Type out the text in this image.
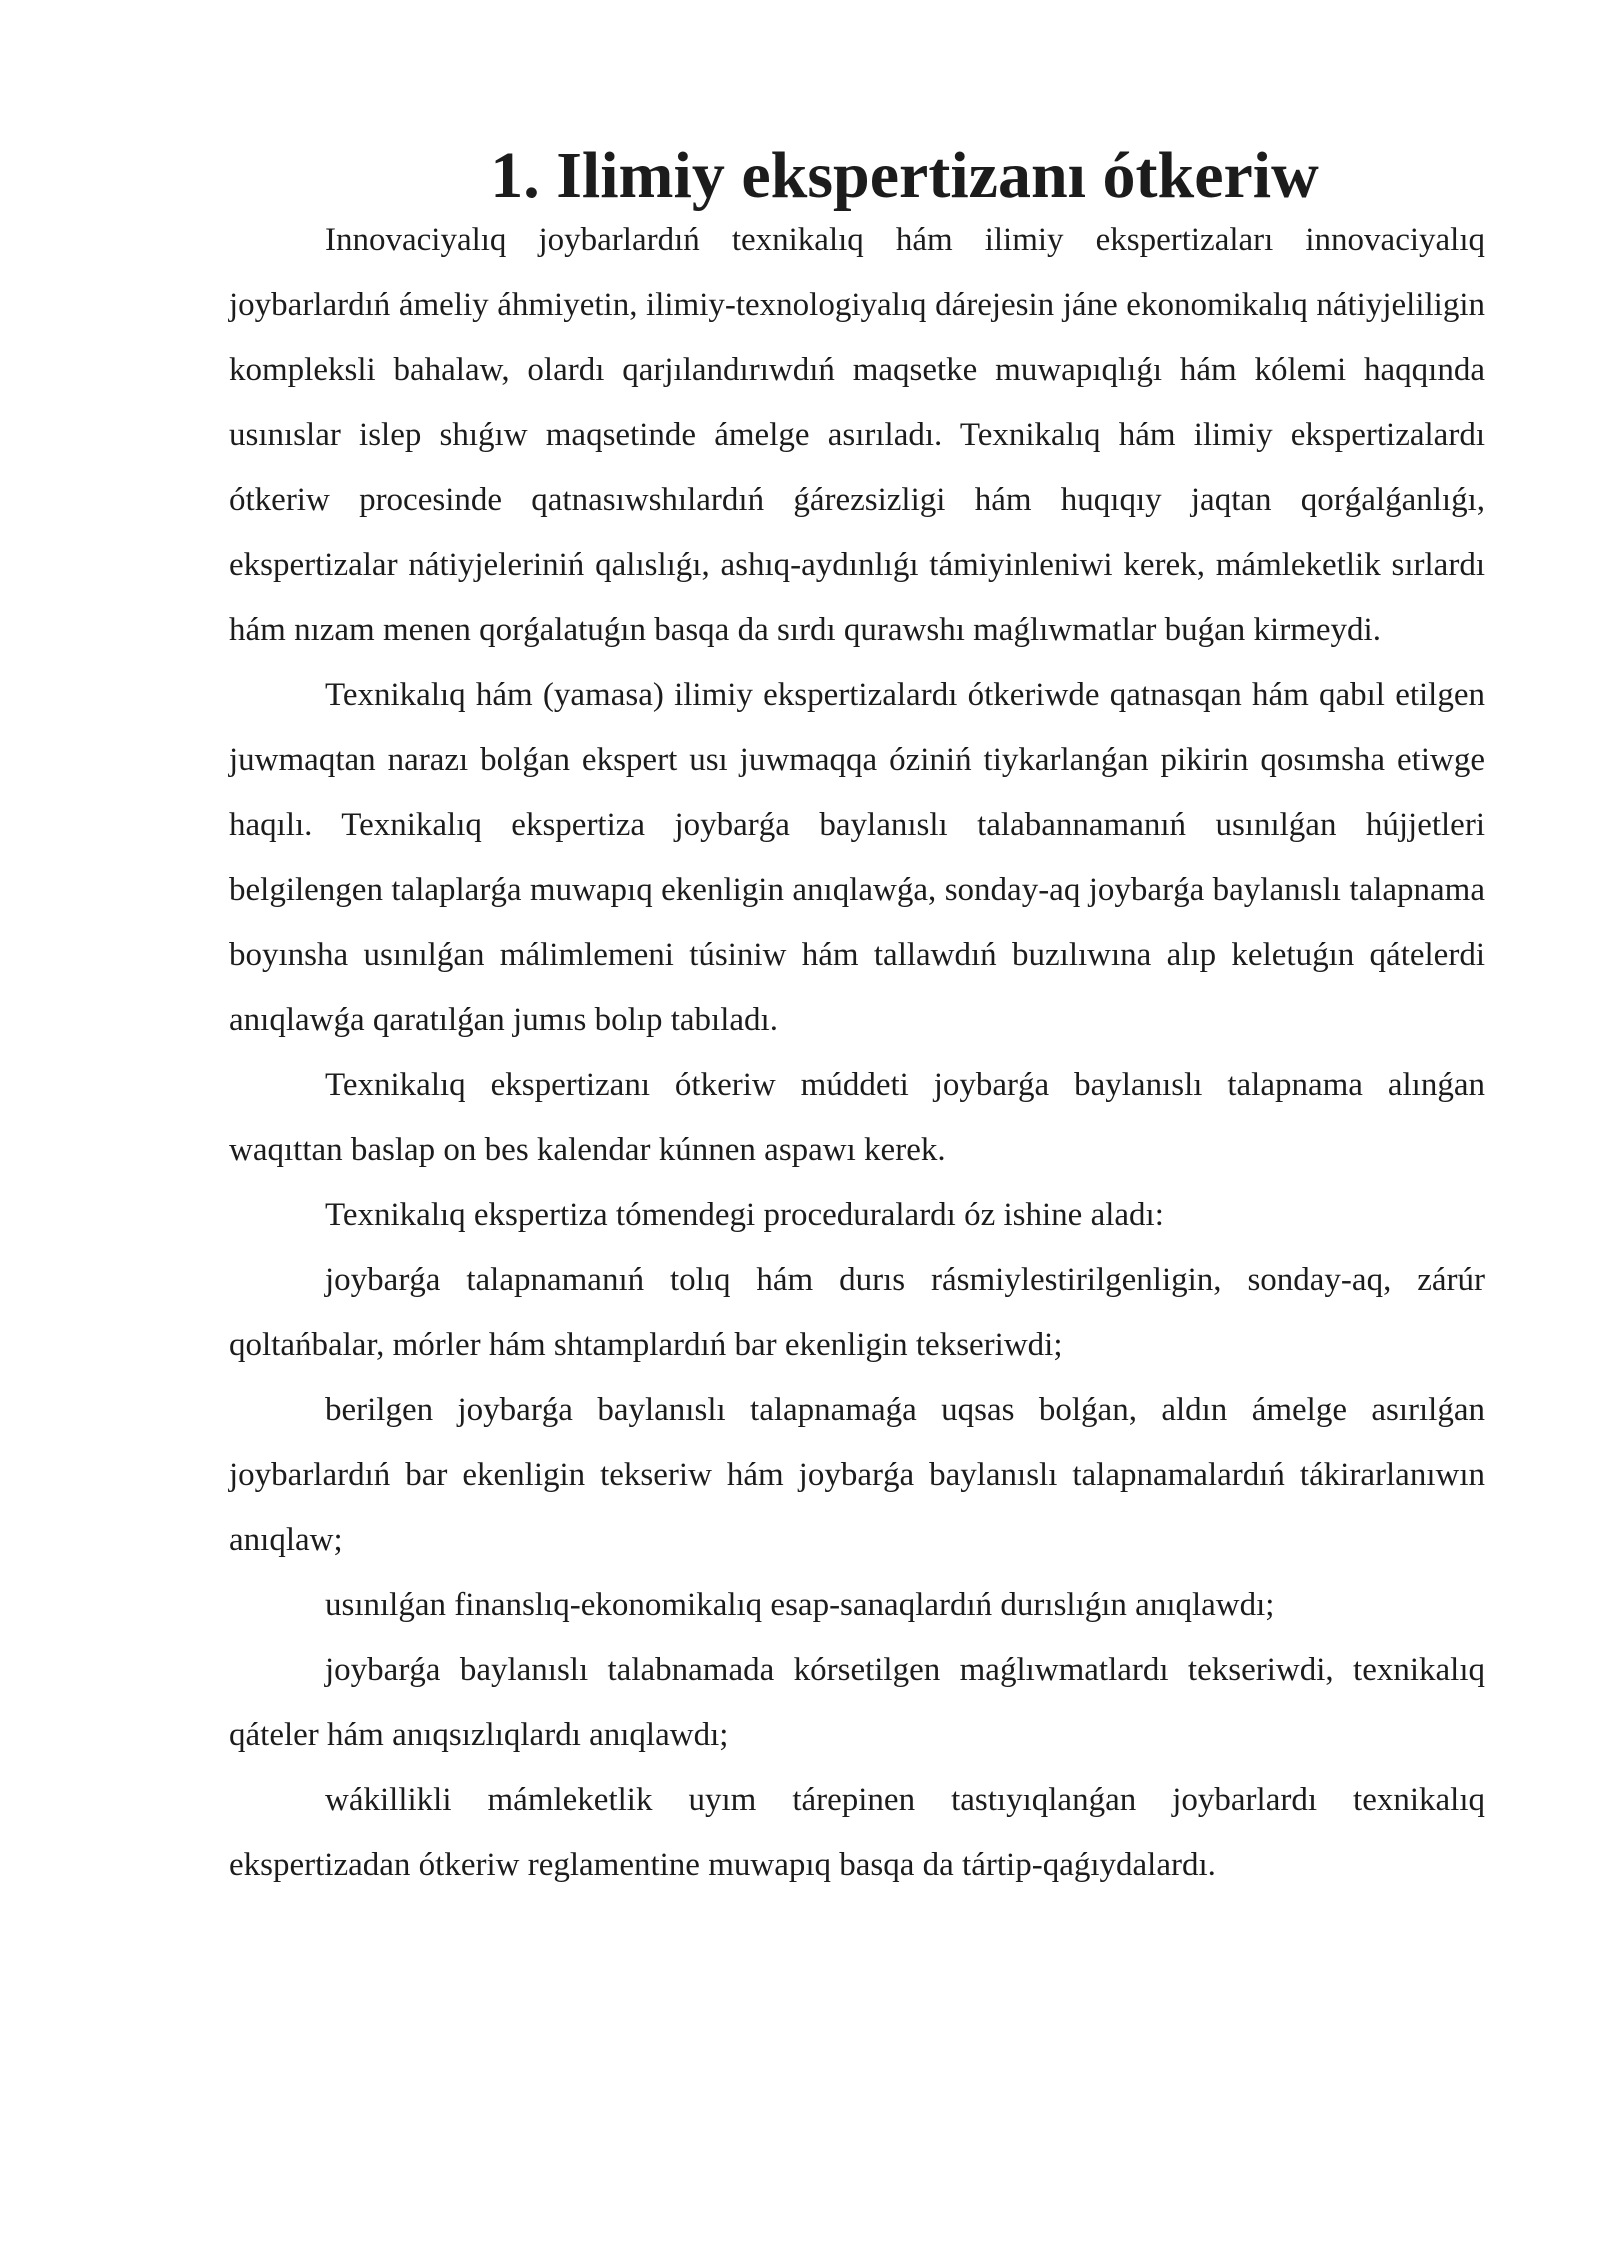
1. Ilimiy ekspertizanı ótkeriw

Innovaciyalıq joybarlardıń texnikalıq hám ilimiy ekspertizaları innovaciyalıq joybarlardıń ámeliy áhmiyetin, ilimiy-texnologiyalıq dárejesin jáne ekonomikalıq nátiyjeliligin kompleksli bahalaw, olardı qarjılandırıwdıń maqsetke muwapıqlıǵı hám kólemi haqqında usınıslar islep shıǵıw maqsetinde ámelge asırıladı. Texnikalıq hám ilimiy ekspertizalardı ótkeriw procesinde qatnasıwshılardıń ǵárezsizligi hám huqıqıy jaqtan qorǵalǵanlıǵı, ekspertizalar nátiyjeleriniń qalıslıǵı, ashıq-aydınlıǵı támiyinleniwi kerek, mámleketlik sırlardı hám nızam menen qorǵalatuǵın basqa da sırdı qurawshı maǵlıwmatlar buǵan kirmeydi.

Texnikalıq hám (yamasa) ilimiy ekspertizalardı ótkeriwde qatnasqan hám qabıl etilgen juwmaqtan narazı bolǵan ekspert usı juwmaqqa óziniń tiykarlanǵan pikirin qosımsha etiwge haqılı. Texnikalıq ekspertiza joybarǵa baylanıslı talabannamanıń usınılǵan hújjetleri belgilengen talaplarǵa muwapıq ekenligin anıqlawǵa, sonday-aq joybarǵa baylanıslı talapnama boyınsha usınılǵan málimlemeni túsiniw hám tallawdıń buzılıwına alıp keletuǵın qátelerdi anıqlawǵa qaratılǵan jumıs bolıp tabıladı.

Texnikalıq ekspertizanı ótkeriw múddeti joybarǵa baylanıslı talapnama alınǵan waqıttan baslap on bes kalendar kúnnen aspawı kerek.

Texnikalıq ekspertiza tómendegi proceduralardı óz ishine aladı:

joybarǵa talapnamanıń tolıq hám durıs rásmiylestirilgenligin, sonday-aq, zárúr qoltańbalar, mórler hám shtamplardıń bar ekenligin tekseriwdi;

berilgen joybarǵa baylanıslı talapnamaǵa uqsas bolǵan, aldın ámelge asırılǵan joybarlardıń bar ekenligin tekseriw hám joybarǵa baylanıslı talapnamalardıń tákirarlanıwın anıqlaw;

usınılǵan finanslıq-ekonomikalıq esap-sanaqlardıń durıslıǵın anıqlawdı;

joybarǵa baylanıslı talabnamada kórsetilgen maǵlıwmatlardı tekseriwdi, texnikalıq qáteler hám anıqsızlıqlardı anıqlawdı;

wákillikli mámleketlik uyım tárepinen tastıyıqlanǵan joybarlardı texnikalıq ekspertizadan ótkeriw reglamentine muwapıq basqa da tártip-qaǵıydalardı.
